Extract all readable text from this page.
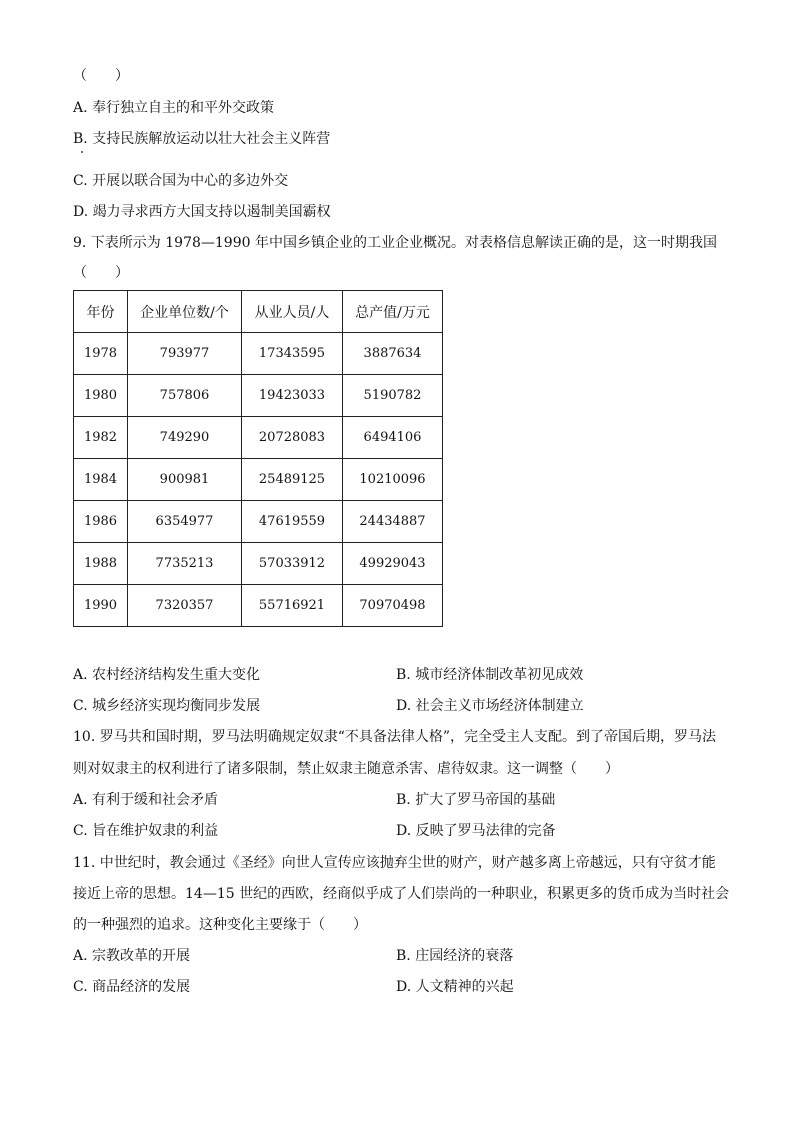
（　　）
A. 奉行独立自主的和平外交政策
B. 支持民族解放运动以壮大社会主义阵营
C. 开展以联合国为中心的多边外交
D. 竭力寻求西方大国支持以遏制美国霸权
9. 下表所示为 1978—1990 年中国乡镇企业的工业企业概况。对表格信息解读正确的是，这一时期我国
（　　）
年份	企业单位数/个	从业人员/人	总产值/万元
1978	793977	17343595	3887634
1980	757806	19423033	5190782
1982	749290	20728083	6494106
1984	900981	25489125	10210096
1986	6354977	47619559	24434887
1988	7735213	57033912	49929043
1990	7320357	55716921	70970498
A. 农村经济结构发生重大变化	B. 城市经济体制改革初见成效
C. 城乡经济实现均衡同步发展	D. 社会主义市场经济体制建立
10. 罗马共和国时期，罗马法明确规定奴隶“不具备法律人格”，完全受主人支配。到了帝国后期，罗马法
则对奴隶主的权利进行了诸多限制，禁止奴隶主随意杀害、虐待奴隶。这一调整（　　）
A. 有利于缓和社会矛盾	B. 扩大了罗马帝国的基础
C. 旨在维护奴隶的利益	D. 反映了罗马法律的完备
11. 中世纪时，教会通过《圣经》向世人宣传应该抛弃尘世的财产，财产越多离上帝越远，只有守贫才能
接近上帝的思想。14—15 世纪的西欧，经商似乎成了人们崇尚的一种职业，积累更多的货币成为当时社会
的一种强烈的追求。这种变化主要缘于（　　）
A. 宗教改革的开展	B. 庄园经济的衰落
C. 商品经济的发展	D. 人文精神的兴起
